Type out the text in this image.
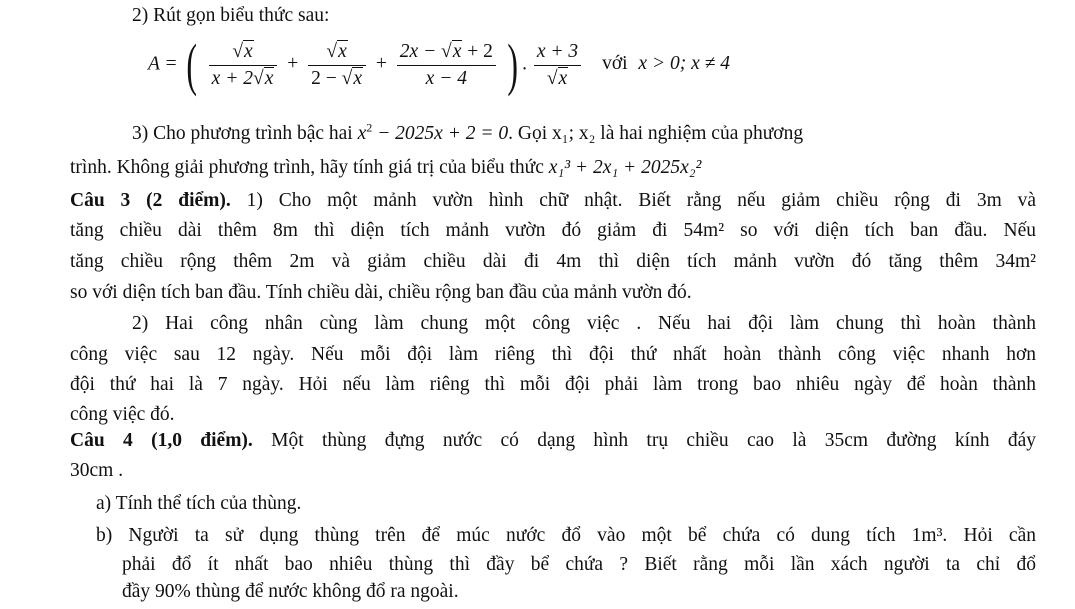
2) Rút gọn biểu thức sau:
A = ( $\frac{√x}{x + 2√x} + \frac{√x}{2 - √x} + \frac{2x - √x + 2}{x - 4}$ ) . $\frac{x + 3}{√x}$ với x > 0; x ≠ 4
3) Cho phương trình bậc hai $x^2 - 2025x + 2 = 0$. Gọi x₁; x₂ là hai nghiệm của phương
trình. Không giải phương trình, hãy tính giá trị của biểu thức x₁³ + 2x₁ + 2025x₂²
Câu 3 (2 điểm). 1) Cho một mảnh vườn hình chữ nhật. Biết rằng nếu giảm chiều rộng đi 3m và
tăng chiều dài thêm 8m thì diện tích mảnh vườn đó giảm đi 54m² so với diện tích ban đầu. Nếu
tăng chiều rộng thêm 2m và giảm chiều dài đi 4m thì diện tích mảnh vườn đó tăng thêm 34m²
so với diện tích ban đầu. Tính chiều dài, chiều rộng ban đầu của mảnh vườn đó.
2) Hai công nhân cùng làm chung một công việc . Nếu hai đội làm chung thì hoàn thành
công việc sau 12 ngày. Nếu mỗi đội làm riêng thì đội thứ nhất hoàn thành công việc nhanh hơn
đội thứ hai là 7 ngày. Hỏi nếu làm riêng thì mỗi đội phải làm trong bao nhiêu ngày để hoàn thành
công việc đó.
Câu 4 (1,0 điểm). Một thùng đựng nước có dạng hình trụ chiều cao là 35cm đường kính đáy
30cm .
a) Tính thể tích của thùng.
b) Người ta sử dụng thùng trên để múc nước đổ vào một bể chứa có dung tích 1m³. Hỏi cần
phải đổ ít nhất bao nhiêu thùng thì đầy bể chứa ? Biết rằng mỗi lần xách người ta chỉ đổ
đầy 90% thùng để nước không đổ ra ngoài.
